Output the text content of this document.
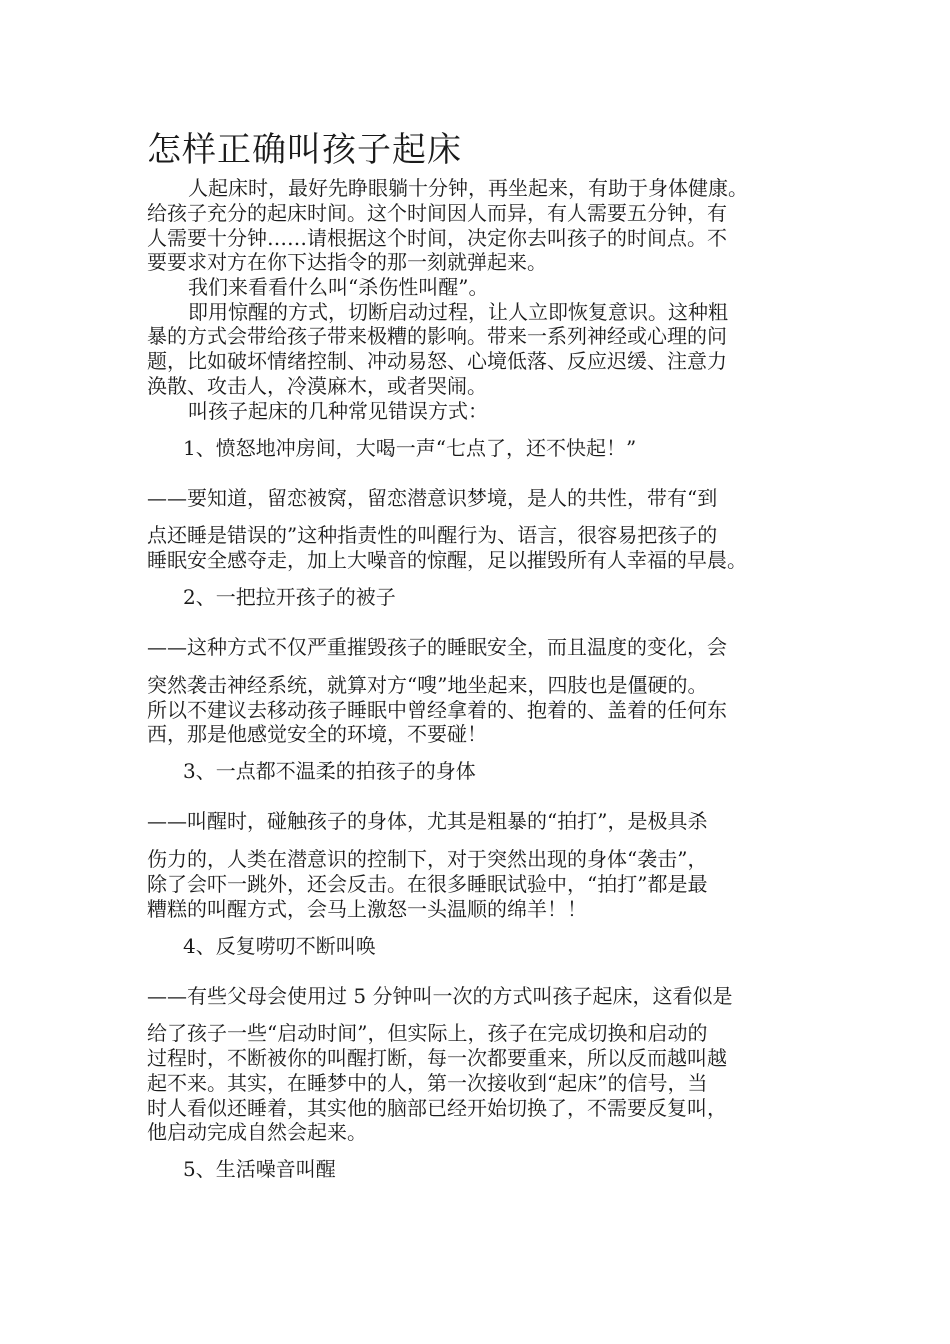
怎样正确叫孩子起床

人起床时，最好先睁眼躺十分钟，再坐起来，有助于身体健康。

给孩子充分的起床时间。这个时间因人而异，有人需要五分钟，有

人需要十分钟……请根据这个时间，决定你去叫孩子的时间点。不

要要求对方在你下达指令的那一刻就弹起来。

我们来看看什么叫“杀伤性叫醒”。

即用惊醒的方式，切断启动过程，让人立即恢复意识。这种粗

暴的方式会带给孩子带来极糟的影响。带来一系列神经或心理的问

题，比如破坏情绪控制、冲动易怒、心境低落、反应迟缓、注意力

涣散、攻击人，冷漠麻木，或者哭闹。

叫孩子起床的几种常见错误方式：

1、愤怒地冲房间，大喝一声“七点了，还不快起！”

——要知道，留恋被窝，留恋潜意识梦境，是人的共性，带有“到

点还睡是错误的”这种指责性的叫醒行为、语言，很容易把孩子的

睡眠安全感夺走，加上大噪音的惊醒，足以摧毁所有人幸福的早晨。

2、一把拉开孩子的被子

——这种方式不仅严重摧毁孩子的睡眠安全，而且温度的变化，会

突然袭击神经系统，就算对方“嗖”地坐起来，四肢也是僵硬的。

所以不建议去移动孩子睡眠中曾经拿着的、抱着的、盖着的任何东

西，那是他感觉安全的环境，不要碰！

3、一点都不温柔的拍孩子的身体

——叫醒时，碰触孩子的身体，尤其是粗暴的“拍打”，是极具杀

伤力的，人类在潜意识的控制下，对于突然出现的身体“袭击”，

除了会吓一跳外，还会反击。在很多睡眠试验中，“拍打”都是最

糟糕的叫醒方式，会马上激怒一头温顺的绵羊！！

4、反复唠叨不断叫唤

——有些父母会使用过 5 分钟叫一次的方式叫孩子起床，这看似是

给了孩子一些“启动时间”，但实际上，孩子在完成切换和启动的

过程时，不断被你的叫醒打断，每一次都要重来，所以反而越叫越

起不来。其实，在睡梦中的人，第一次接收到“起床”的信号，当

时人看似还睡着，其实他的脑部已经开始切换了，不需要反复叫，

他启动完成自然会起来。

5、生活噪音叫醒
